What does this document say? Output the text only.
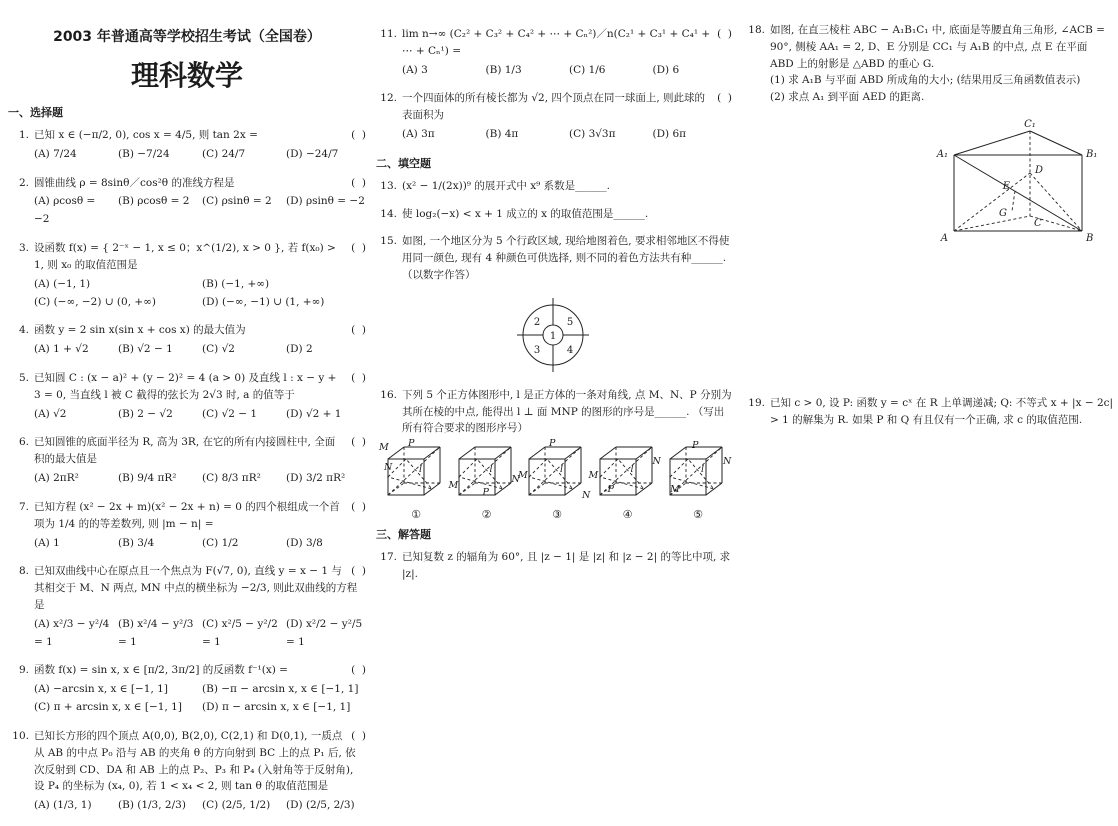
2003 年普通高等学校招生考试（全国卷）
理科数学
一、选择题
1.	(  )
已知 x ∈ (−π/2, 0), cos x = 4/5, 则 tan 2x =
(A) 7/24	(B) −7/24	(C) 24/7	(D) −24/7
2.	(  )
圆锥曲线 ρ = 8sinθ／cos²θ 的准线方程是
(A) ρcosθ = −2
(B) ρcosθ = 2	(C) ρsinθ = 2	(D) ρsinθ = −2
3.	(  )
设函数 f(x) = { 2⁻ˣ − 1, x ≤ 0；x^(1/2), x > 0 }, 若 f(x₀) > 1, 则 x₀ 的取值范围是
(A) (−1, 1)	(B) (−1, +∞)
(C) (−∞, −2) ∪ (0, +∞)	(D) (−∞, −1) ∪ (1, +∞)
4.	(  )
函数 y = 2 sin x(sin x + cos x) 的最大值为
(A) 1 + √2	(B) √2 − 1	(C) √2	(D) 2
5.	(  )
已知圆 C : (x − a)² + (y − 2)² = 4 (a > 0) 及直线 l : x − y + 3 = 0, 当直线 l 被 C 截得的弦长为 2√3 时, a 的值等于
(A) √2	(B) 2 − √2	(C) √2 − 1	(D) √2 + 1
6.	(  )
已知圆锥的底面半径为 R, 高为 3R, 在它的所有内接圆柱中, 全面积的最大值是
(A) 2πR²	(B) 9/4 πR²	(C) 8/3 πR²	(D) 3/2 πR²
7.	(  )
已知方程 (x² − 2x + m)(x² − 2x + n) = 0 的四个根组成一个首项为 1/4 的的等差数列, 则 |m − n| =
(A) 1	(B) 3/4	(C) 1/2	(D) 3/8
8.	(  )
已知双曲线中心在原点且一个焦点为 F(√7, 0), 直线 y = x − 1 与其相交于 M、N 两点, MN 中点的横坐标为 −2/3, 则此双曲线的方程是
(A) x²/3 − y²/4 = 1
(B) x²/4 − y²/3 = 1
(C) x²/5 − y²/2 = 1
(D) x²/2 − y²/5 = 1
9.	(  )
函数 f(x) = sin x, x ∈ [π/2, 3π/2] 的反函数 f⁻¹(x) =
(A) −arcsin x, x ∈ [−1, 1]	(B) −π − arcsin x, x ∈ [−1, 1]
(C) π + arcsin x, x ∈ [−1, 1]	(D) π − arcsin x, x ∈ [−1, 1]
10.	(  )
已知长方形的四个顶点 A(0,0), B(2,0), C(2,1) 和 D(0,1), 一质点从 AB 的中点 P₀ 沿与 AB 的夹角 θ 的方向射到 BC 上的点 P₁ 后, 依次反射到 CD、DA 和 AB 上的点 P₂、P₃ 和 P₄ (入射角等于反射角), 设 P₄ 的坐标为 (x₄, 0), 若 1 < x₄ < 2, 则 tan θ 的取值范围是
(A) (1/3, 1)	(B) (1/3, 2/3)	(C) (2/5, 1/2)	(D) (2/5, 2/3)
11.	(  )
lim n→∞ (C₂² + C₃² + C₄² + ⋯ + Cₙ²)／n(C₂¹ + C₃¹ + C₄¹ + ⋯ + Cₙ¹) =
(A) 3	(B) 1/3	(C) 1/6	(D) 6
12.	(  )
一个四面体的所有棱长都为 √2, 四个顶点在同一球面上, 则此球的表面积为
(A) 3π	(B) 4π	(C) 3√3π	(D) 6π
二、填空题
13. (x² − 1/(2x))⁹ 的展开式中 x⁹ 系数是______.
14. 使 log₂(−x) < x + 1 成立的 x 的取值范围是______.
15. 如图, 一个地区分为 5 个行政区域, 现给地图着色, 要求相邻地区不得使用同一颜色, 现有 4 种颜色可供选择, 则不同的着色方法共有种______. （以数字作答）
1
2	5
3	4
16. 下列 5 个正方体图形中, l 是正方体的一条对角线, 点 M、N、P 分别为其所在棱的中点, 能得出 l ⊥ 面 MNP 的图形的序号是______. （写出所有符合要求的图形序号）
M
N
P
l
①
M
N
P
l
②
M
N
P
l
③
M
N
P
l
④
M
N
P
l
⑤
三、解答题
17. 已知复数 z 的辐角为 60°, 且 |z − 1| 是 |z| 和 |z − 2| 的等比中项, 求 |z|.
18. 如图, 在直三棱柱 ABC − A₁B₁C₁ 中, 底面是等腰直角三角形, ∠ACB = 90°, 侧棱 AA₁ = 2, D、E 分别是 CC₁ 与 A₁B 的中点, 点 E 在平面 ABD 上的射影是 △ABD 的重心 G.
(1) 求 A₁B 与平面 ABD 所成角的大小; (结果用反三角函数值表示)
(2) 求点 A₁ 到平面 AED 的距离.
C₁
A₁	B₁
D
E
G
C
A	B
19. 已知 c > 0, 设 P: 函数 y = cˣ 在 R 上单调递减; Q: 不等式 x + |x − 2c| > 1 的解集为 R. 如果 P 和 Q 有且仅有一个正确, 求 c 的取值范围.
